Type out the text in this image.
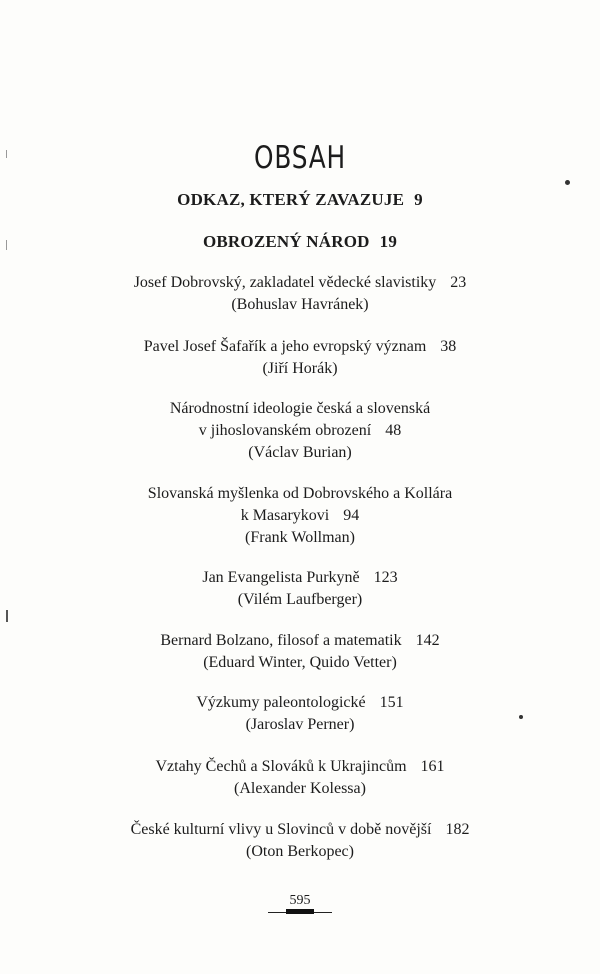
OBSAH
ODKAZ, KTERÝ ZAVAZUJE 9
OBROZENÝ NÁROD 19
Josef Dobrovský, zakladatel vědecké slavistiky 23
(Bohuslav Havránek)
Pavel Josef Šafařík a jeho evropský význam 38
(Jiří Horák)
Národnostní ideologie česká a slovenská
v jihoslovanském obrození 48
(Václav Burian)
Slovanská myšlenka od Dobrovského a Kollára
k Masarykovi 94
(Frank Wollman)
Jan Evangelista Purkyně 123
(Vilém Laufberger)
Bernard Bolzano, filosof a matematik 142
(Eduard Winter, Quido Vetter)
Výzkumy paleontologické 151
(Jaroslav Perner)
Vztahy Čechů a Slováků k Ukrajincům 161
(Alexander Kolessa)
České kulturní vlivy u Slovinců v době novější 182
(Oton Berkopec)
595
